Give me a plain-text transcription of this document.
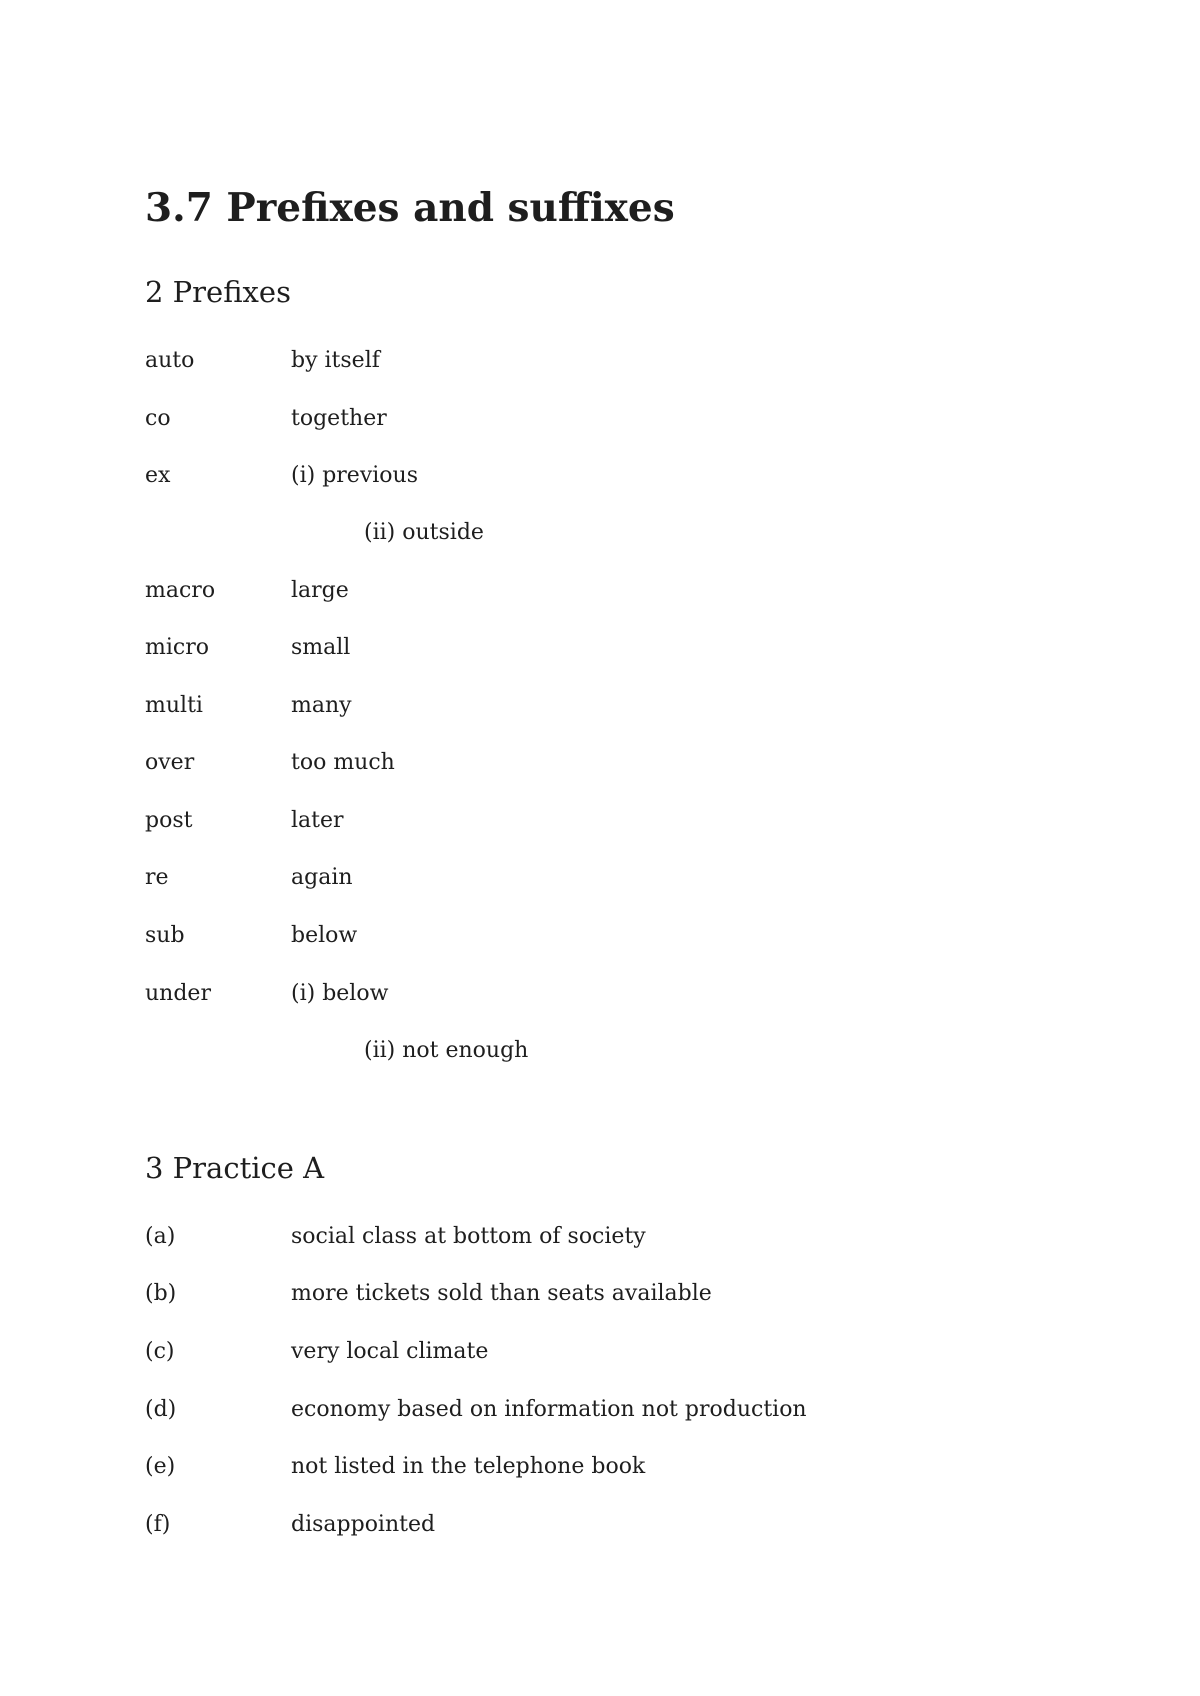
3.7 Prefixes and suffixes
2 Prefixes
auto	by itself
co	together
ex	(i) previous
(ii) outside
macro	large
micro	small
multi	many
over	too much
post	later
re	again
sub	below
under	(i) below
(ii) not enough
3 Practice A
(a)	social class at bottom of society
(b)	more tickets sold than seats available
(c)	very local climate
(d)	economy based on information not production
(e)	not listed in the telephone book
(f)	disappointed
